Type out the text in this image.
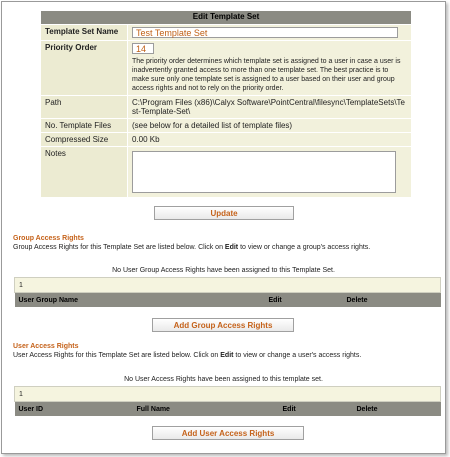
Edit Template Set	
Template Set Name	Test Template Set

Priority Order	14
The priority order determines which template set is assigned to a user in case a user is inadvertently granted access to more than one template set. The best practice is to make sure only one template set is assigned to a user based on their user and group access rights and not to rely on the priority order.

Path	C:\Program Files (x86)\Calyx Software\PointCentral\filesync\TemplateSets\Test-Template-Set\
No. Template Files	(see below for a detailed list of template files)
Compressed Size	0.00 Kb
Notes	
Update
Group Access Rights
Group Access Rights for this Template Set are listed below. Click on Edit to view or change a group's access rights.
No User Group Access Rights have been assigned to this Template Set.
1
User Group Name	Edit	Delete
Add Group Access Rights
User Access Rights
User Access Rights for this Template Set are listed below. Click on Edit to view or change a user's access rights.
No User Access Rights have been assigned to this template set.
1
User ID	Full Name	Edit	Delete
Add User Access Rights
